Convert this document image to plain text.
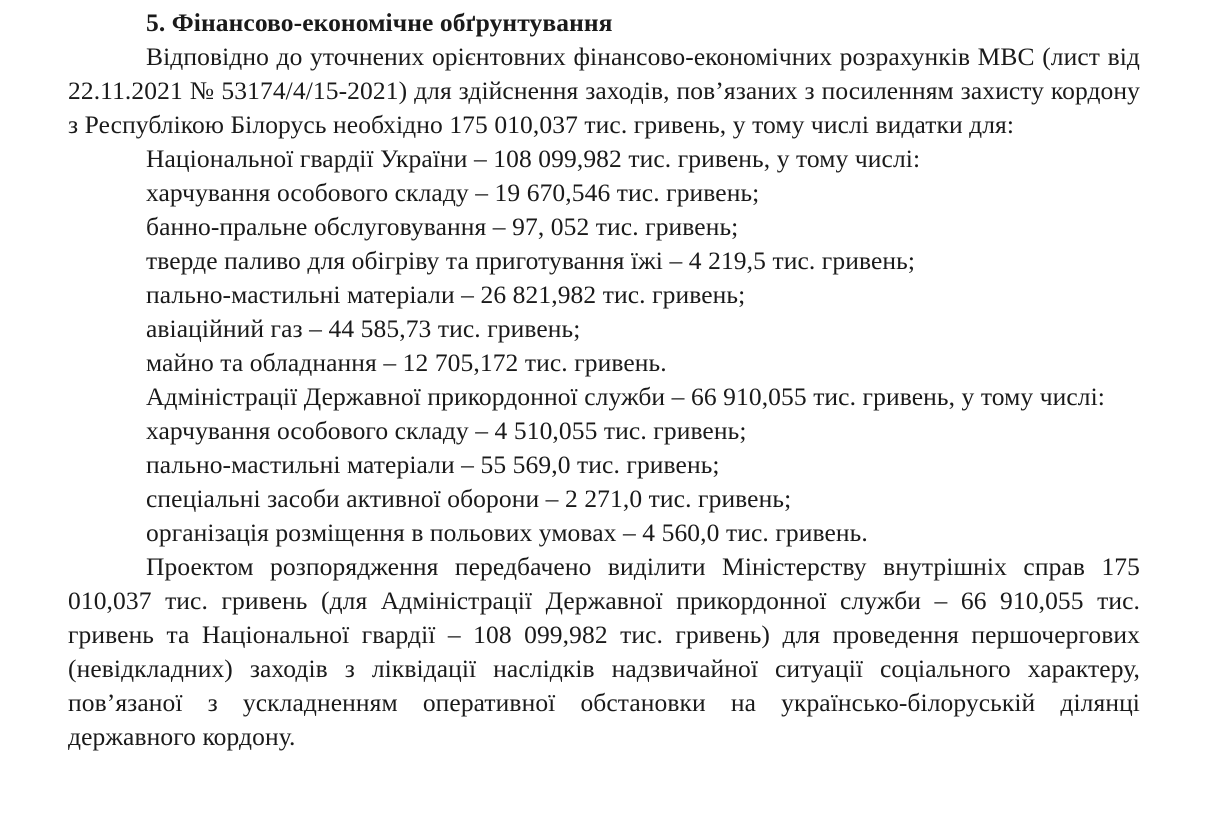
5. Фінансово-економічне обґрунтування

Відповідно до уточнених орієнтовних фінансово-економічних розрахунків МВС (лист від 22.11.2021 № 53174/4/15-2021) для здійснення заходів, пов’язаних з посиленням захисту кордону з Республікою Білорусь необхідно 175 010,037 тис. гривень, у тому числі видатки для:

Національної гвардії України – 108 099,982 тис. гривень, у тому числі:

харчування особового складу – 19 670,546 тис. гривень;

банно-пральне обслуговування – 97, 052 тис. гривень;

тверде паливо для обігріву та приготування їжі – 4 219,5 тис. гривень;

пально-мастильні матеріали – 26 821,982 тис. гривень;

авіаційний газ – 44 585,73 тис. гривень;

майно та обладнання – 12 705,172 тис. гривень.

Адміністрації Державної прикордонної служби – 66 910,055 тис. гривень, у тому числі:

харчування особового складу – 4 510,055 тис. гривень;

пально-мастильні матеріали – 55 569,0 тис. гривень;

спеціальні засоби активної оборони – 2 271,0 тис. гривень;

організація розміщення в польових умовах – 4 560,0 тис. гривень.

Проектом розпорядження передбачено виділити Міністерству внутрішніх справ 175 010,037 тис. гривень (для Адміністрації Державної прикордонної служби – 66 910,055 тис. гривень та Національної гвардії – 108 099,982 тис. гривень) для проведення першочергових (невідкладних) заходів з ліквідації наслідків надзвичайної ситуації соціального характеру, пов’язаної з ускладненням оперативної обстановки на українсько-білоруській ділянці державного кордону.
